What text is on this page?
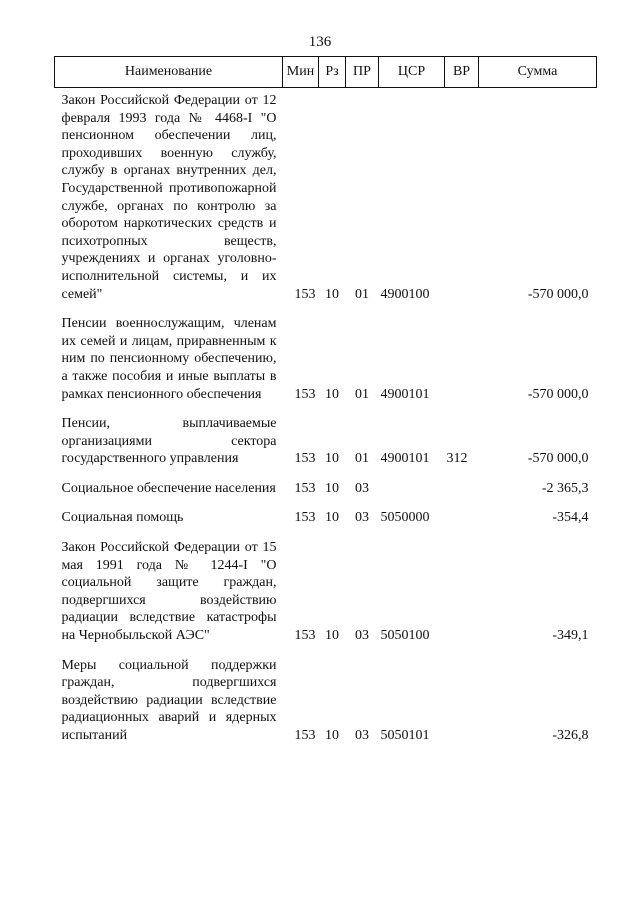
136
Наименование	Мин	Рз	ПР	ЦСР	ВР	Сумма
Закон Российской Федерации от 12 февраля 1993 года № 4468-I "О пенсионном обеспечении лиц, проходивших военную службу, службу в органах внутренних дел, Государственной противопожарной службе, органах по контролю за оборотом наркотических средств и психотропных веществ, учреждениях и органах уголовно-исполнительной системы, и их семей"	153	10	01	4900100		-570 000,0
Пенсии военнослужащим, членам их семей и лицам, приравненным к ним по пенсионному обеспечению, а также пособия и иные выплаты в рамках пенсионного обеспечения	153	10	01	4900101		-570 000,0
Пенсии, выплачиваемые организациями сектора государственного управления	153	10	01	4900101	312	-570 000,0
Социальное обеспечение населения	153	10	03			-2 365,3
Социальная помощь	153	10	03	5050000		-354,4
Закон Российской Федерации от 15 мая 1991 года № 1244-I "О социальной защите граждан, подвергшихся воздействию радиации вследствие катастрофы на Чернобыльской АЭС"	153	10	03	5050100		-349,1
Меры социальной поддержки граждан, подвергшихся воздействию радиации вследствие радиационных аварий и ядерных испытаний	153	10	03	5050101		-326,8
